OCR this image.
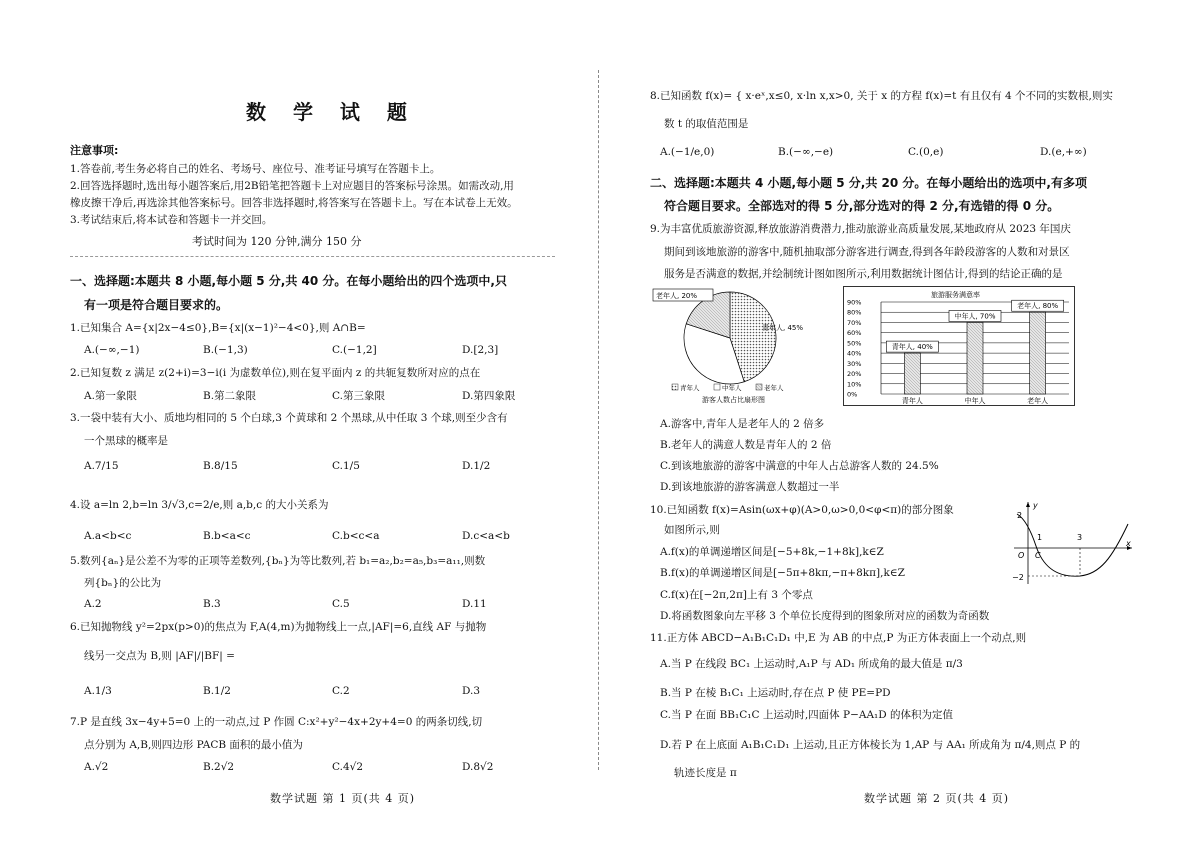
数 学 试 题
注意事项:
1.答卷前,考生务必将自己的姓名、考场号、座位号、准考证号填写在答题卡上。
2.回答选择题时,选出每小题答案后,用2B铅笔把答题卡上对应题目的答案标号涂黑。如需改动,用
橡皮擦干净后,再选涂其他答案标号。回答非选择题时,将答案写在答题卡上。写在本试卷上无效。
3.考试结束后,将本试卷和答题卡一并交回。
考试时间为 120 分钟,满分 150 分
一、选择题:本题共 8 小题,每小题 5 分,共 40 分。在每小题给出的四个选项中,只
有一项是符合题目要求的。
1.已知集合 A={x|2x−4≤0},B={x|(x−1)²−4<0},则 A∩B=
A.(−∞,−1)	B.(−1,3)	C.(−1,2]	D.[2,3]
2.已知复数 z 满足 z(2+i)=3−i(i 为虚数单位),则在复平面内 z 的共轭复数所对应的点在
A.第一象限	B.第二象限	C.第三象限	D.第四象限
3.一袋中装有大小、质地均相同的 5 个白球,3 个黄球和 2 个黑球,从中任取 3 个球,则至少含有
一个黑球的概率是
A.7/15	B.8/15	C.1/5	D.1/2
4.设 a=ln 2,b=ln 3/√3,c=2/e,则 a,b,c 的大小关系为
A.a<b<c	B.b<a<c	C.b<c<a	D.c<a<b
5.数列{aₙ}是公差不为零的正项等差数列,{bₙ}为等比数列,若 b₁=a₂,b₂=a₅,b₃=a₁₁,则数
列{bₙ}的公比为
A.2	B.3	C.5	D.11
6.已知抛物线 y²=2px(p>0)的焦点为 F,A(4,m)为抛物线上一点,|AF|=6,直线 AF 与抛物
线另一交点为 B,则 |AF|/|BF| =
A.1/3	B.1/2	C.2	D.3
7.P 是直线 3x−4y+5=0 上的一动点,过 P 作圆 C:x²+y²−4x+2y+4=0 的两条切线,切
点分别为 A,B,则四边形 PACB 面积的最小值为
A.√2	B.2√2	C.4√2	D.8√2
数学试题 第 1 页(共 4 页)
8.已知函数 f(x)= { x·eˣ,x≤0, x·ln x,x>0, 关于 x 的方程 f(x)=t 有且仅有 4 个不同的实数根,则实
数 t 的取值范围是
A.(−1/e,0)	B.(−∞,−e)	C.(0,e)	D.(e,+∞)
二、选择题:本题共 4 小题,每小题 5 分,共 20 分。在每小题给出的选项中,有多项
符合题目要求。全部选对的得 5 分,部分选对的得 2 分,有选错的得 0 分。
9.为丰富优质旅游资源,释放旅游消费潜力,推动旅游业高质量发展,某地政府从 2023 年国庆
期间到该地旅游的游客中,随机抽取部分游客进行调查,得到各年龄段游客的人数和对景区
服务是否满意的数据,并绘制统计图如图所示,利用数据统计图估计,得到的结论正确的是
老年人, 20%
青年人, 45%
青年人	中年人	老年人
游客人数占比扇形图
旅游服务满意率
0%
10%
20%
30%
40%
50%
60%
70%
80%
90%
青年人
青年人, 40%
中年人
中年人, 70%
老年人
老年人, 80%
A.游客中,青年人是老年人的 2 倍多
B.老年人的满意人数是青年人的 2 倍
C.到该地旅游的游客中满意的中年人占总游客人数的 24.5%
D.到该地旅游的游客满意人数超过一半
10.已知函数 f(x)=Asin(ωx+φ)(A>0,ω>0,0<φ<π)的部分图象
如图所示,则
A.f(x)的单调递增区间是[−5+8k,−1+8k],k∈Z
B.f(x)的单调递增区间是[−5π+8kπ,−π+8kπ],k∈Z
C.f(x)在[−2π,2π]上有 3 个零点
D.将函数图象向左平移 3 个单位长度得到的图象所对应的函数为奇函数
y
x
O C
1	3
2
−2
11.正方体 ABCD−A₁B₁C₁D₁ 中,E 为 AB 的中点,P 为正方体表面上一个动点,则
A.当 P 在线段 BC₁ 上运动时,A₁P 与 AD₁ 所成角的最大值是 π/3
B.当 P 在棱 B₁C₁ 上运动时,存在点 P 使 PE=PD
C.当 P 在面 BB₁C₁C 上运动时,四面体 P−AA₁D 的体积为定值
D.若 P 在上底面 A₁B₁C₁D₁ 上运动,且正方体棱长为 1,AP 与 AA₁ 所成角为 π/4,则点 P 的
轨迹长度是 π
数学试题 第 2 页(共 4 页)
